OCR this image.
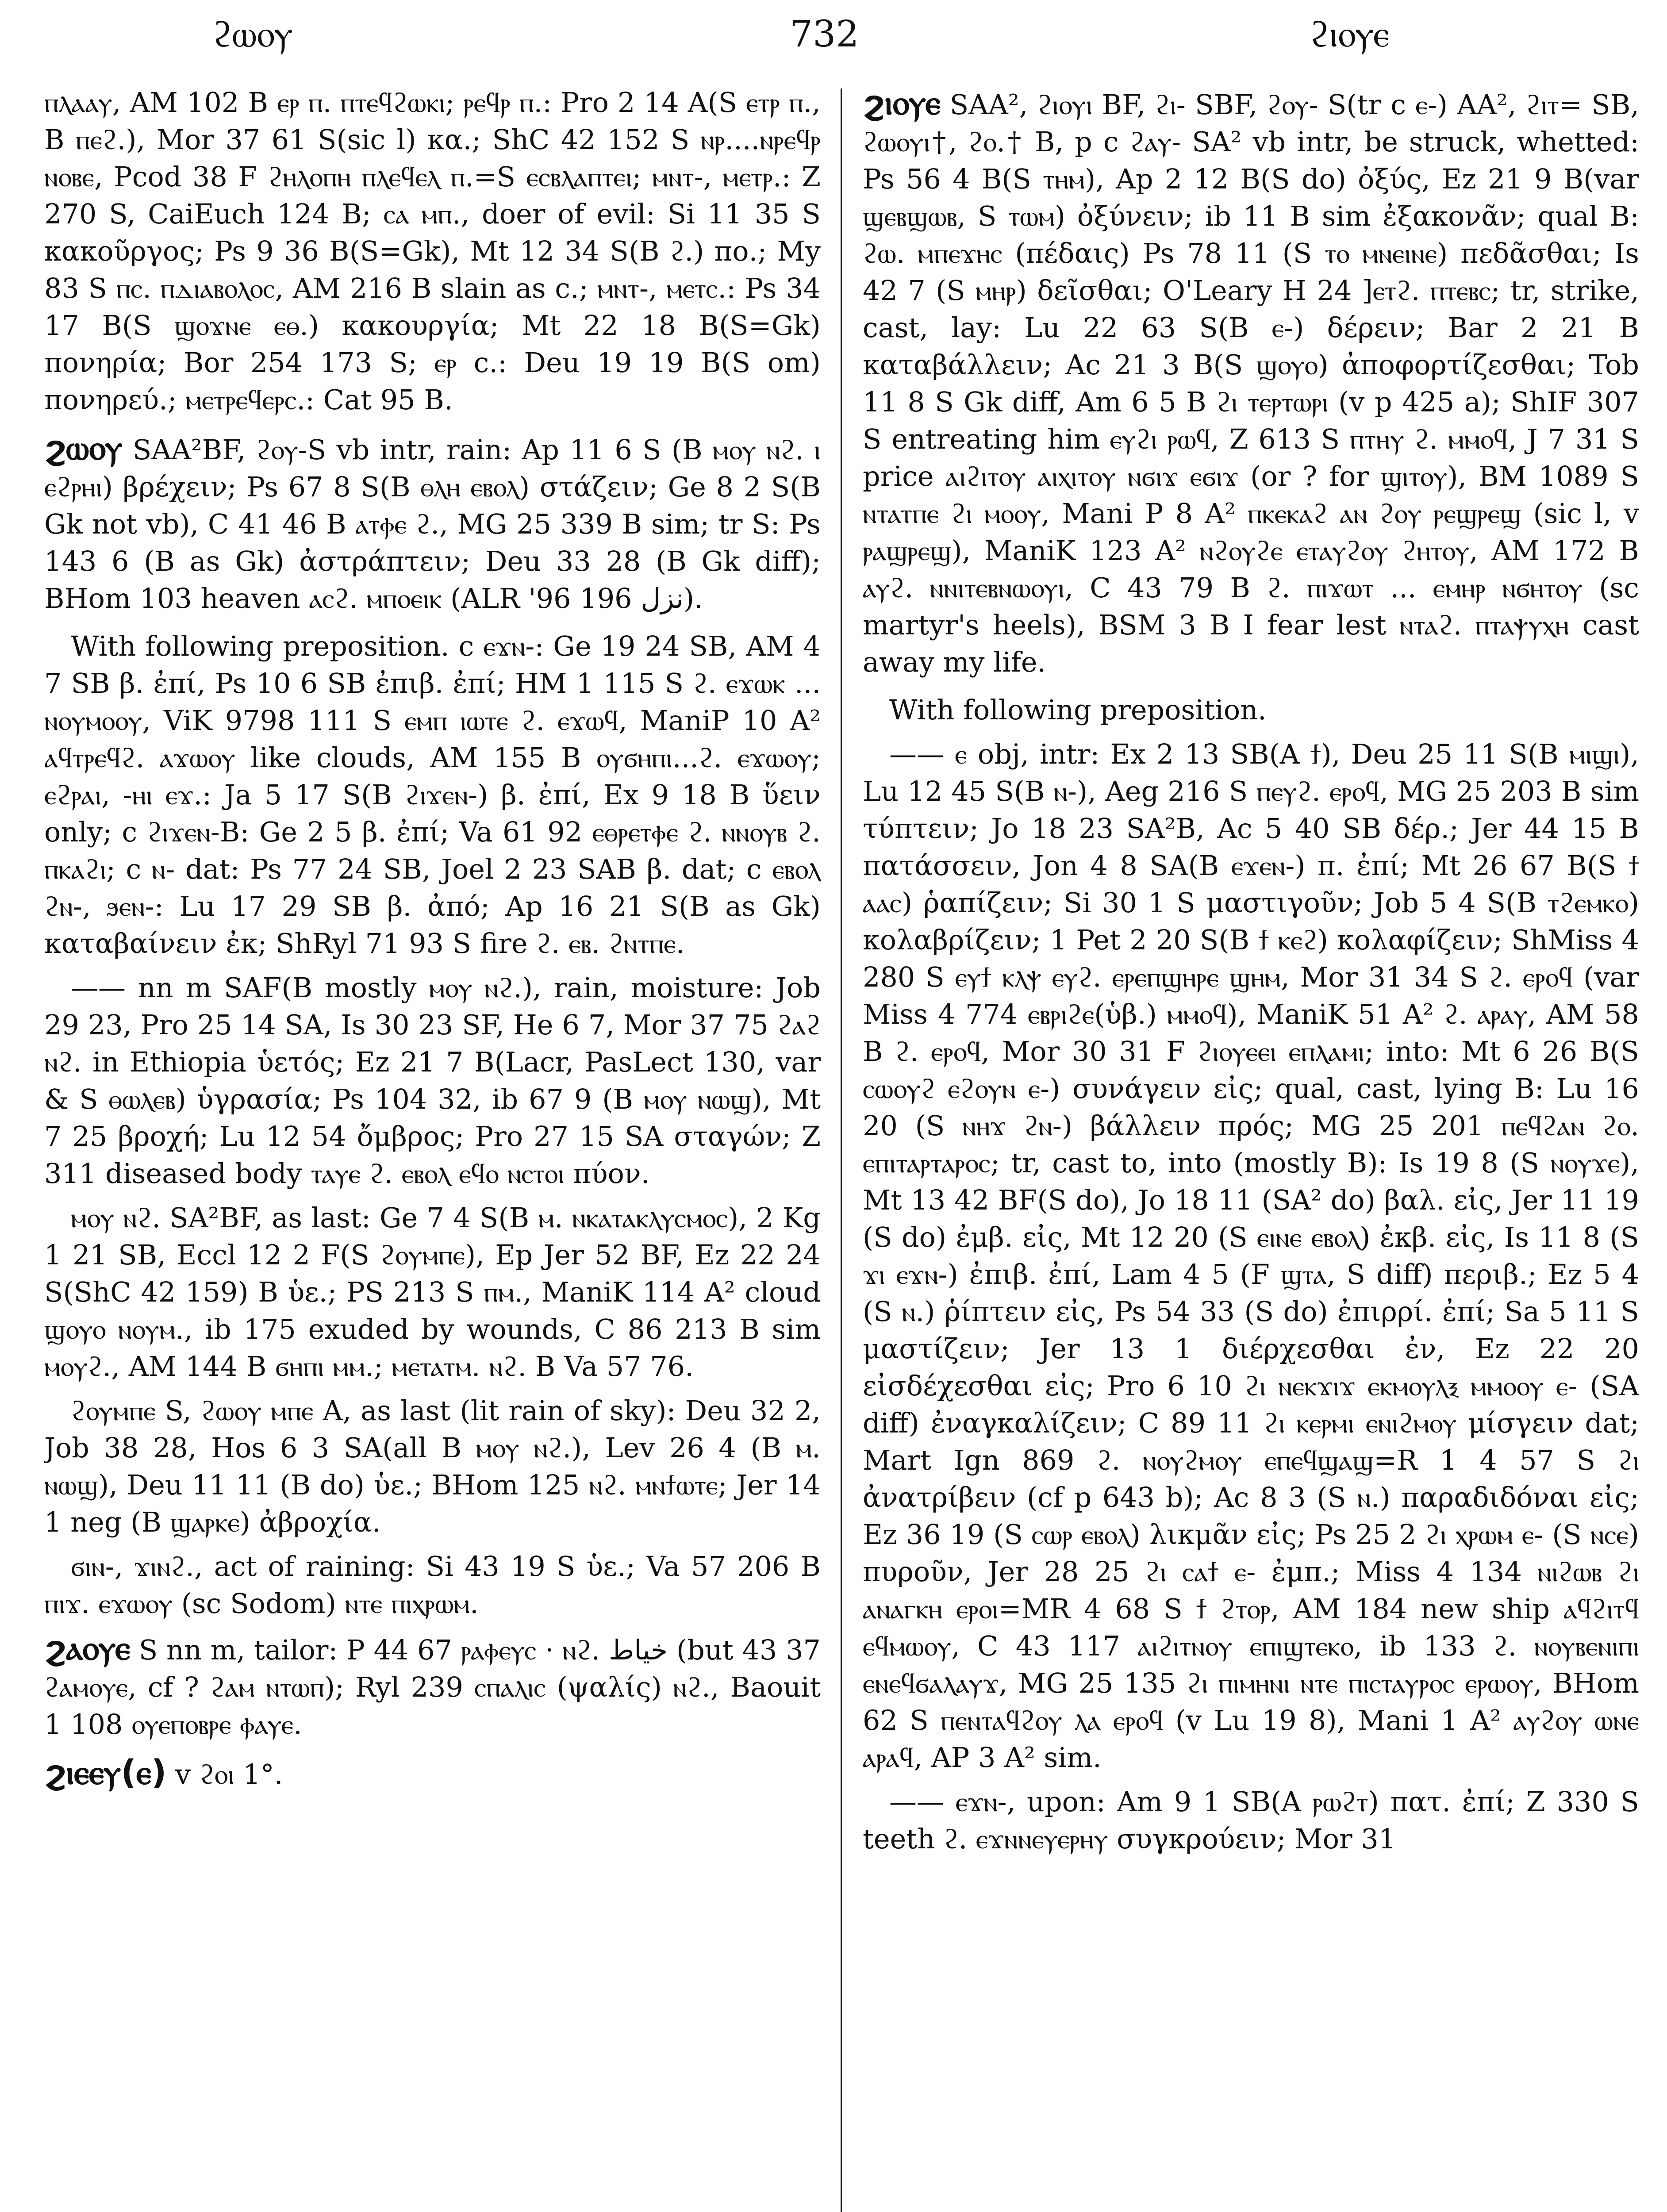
ϩⲱⲟⲩ	732	ϩⲓⲟⲩⲉ

ⲡⲗⲁⲁⲩ, AM 102 B ⲉⲣ ⲡ. ⲡⲧⲉϥϩⲱⲕⲓ; ⲣⲉϥⲣ ⲡ.: Pro 2 14 A(S ⲉⲧⲣ ⲡ., B ⲡⲉϩ.), Mor 37 61 S(sic l) κα.; ShC 42 152 S ⲛⲣ....ⲛⲣⲉϥⲣ ⲛⲟⲃⲉ, Pcod 38 F ϩⲏⲗⲟⲡⲏ ⲡⲗⲉϥⲉⲗ ⲡ.=S ⲉⲥⲃⲗⲁⲡⲧⲉⲓ; ⲙⲛⲧ-, ⲙⲉⲧⲣ.: Z 270 S, CaiEuch 124 B; ⲥⲁ ⲙⲡ., doer of evil: Si 11 35 S κακοῦργος; Ps 9 36 B(S=Gk), Mt 12 34 S(B ϩ.) πο.; My 83 S ⲡⲥ. ⲡⲇⲓⲁⲃⲟⲗⲟⲥ, AM 216 B slain as c.; ⲙⲛⲧ-, ⲙⲉⲧⲥ.: Ps 34 17 B(S ϣⲟϫⲛⲉ ⲉⲑ.) κακουργία; Mt 22 18 B(S=Gk) πονηρία; Bor 254 173 S; ⲉⲣ c.: Deu 19 19 B(S om) πονηρεύ.; ⲙⲉⲧⲣⲉϥⲉⲣⲥ.: Cat 95 B.

ϩⲱⲟⲩ SAA²BF, ϩⲟⲩ-S vb intr, rain: Ap 11 6 S (B ⲙⲟⲩ ⲛϩ. ⲓ ⲉϩⲣⲏⲓ) βρέχειν; Ps 67 8 S(B ⲑⲗⲏ ⲉⲃⲟⲗ) στάζειν; Ge 8 2 S(B Gk not vb), C 41 46 B ⲁⲧⲫⲉ ϩ., MG 25 339 B sim; tr S: Ps 143 6 (B as Gk) ἀστράπτειν; Deu 33 28 (B Gk diff); BHom 103 heaven ⲁⲥϩ. ⲙⲡⲟⲉⲓⲕ (ALR '96 196 ﻧﺰﻝ).

With following preposition. c ⲉϫⲛ-: Ge 19 24 SB, AM 4 7 SB β. ἐπί, Ps 10 6 SB ἐπιβ. ἐπί; HM 1 115 S ϩ. ⲉϫⲱⲕ ... ⲛⲟⲩⲙⲟⲟⲩ, ViK 9798 111 S ⲉⲙⲡ ⲓⲱⲧⲉ ϩ. ⲉϫⲱϥ, ManiP 10 A² ⲁϥⲧⲣⲉϥϩ. ⲁϫⲱⲟⲩ like clouds, AM 155 B ⲟⲩϭⲏⲡⲓ...ϩ. ⲉϫⲱⲟⲩ; ⲉϩⲣⲁⲓ, -ⲏⲓ ⲉϫ.: Ja 5 17 S(B ϩⲓϫⲉⲛ-) β. ἐπί, Ex 9 18 B ὕειν only; c ϩⲓϫⲉⲛ-B: Ge 2 5 β. ἐπί; Va 61 92 ⲉⲑⲣⲉⲧⲫⲉ ϩ. ⲛⲛⲟⲩⲃ ϩ. ⲡⲕⲁϩⲓ; c ⲛ- dat: Ps 77 24 SB, Joel 2 23 SAB β. dat; c ⲉⲃⲟⲗ ϩⲛ-, ϧⲉⲛ-: Lu 17 29 SB β. ἀπό; Ap 16 21 S(B as Gk) καταβαίνειν ἐκ; ShRyl 71 93 S fire ϩ. ⲉⲃ. ϩⲛⲧⲡⲉ.

—— nn m SAF(B mostly ⲙⲟⲩ ⲛϩ.), rain, moisture: Job 29 23, Pro 25 14 SA, Is 30 23 SF, He 6 7, Mor 37 75 ϩⲁϩ ⲛϩ. in Ethiopia ὑετός; Ez 21 7 B(Lacr, PasLect 130, var & S ⲑⲱⲗⲉⲃ) ὑγρασία; Ps 104 32, ib 67 9 (B ⲙⲟⲩ ⲛⲱϣ), Mt 7 25 βροχή; Lu 12 54 ὄμβρος; Pro 27 15 SA σταγών; Z 311 diseased body ⲧⲁⲩⲉ ϩ. ⲉⲃⲟⲗ ⲉϥⲟ ⲛⲥⲧⲟⲓ πύον.

ⲙⲟⲩ ⲛϩ. SA²BF, as last: Ge 7 4 S(B ⲙ. ⲛⲕⲁⲧⲁⲕⲗⲩⲥⲙⲟⲥ), 2 Kg 1 21 SB, Eccl 12 2 F(S ϩⲟⲩⲙⲡⲉ), Ep Jer 52 BF, Ez 22 24 S(ShC 42 159) B ὑε.; PS 213 S ⲡⲙ., ManiK 114 A² cloud ϣⲟⲩⲟ ⲛⲟⲩⲙ., ib 175 exuded by wounds, C 86 213 B sim ⲙⲟⲩϩ., AM 144 B ϭⲏⲡⲓ ⲙⲙ.; ⲙⲉⲧⲁⲧⲙ. ⲛϩ. B Va 57 76.

ϩⲟⲩⲙⲡⲉ S, ϩⲱⲟⲩ ⲙⲡⲉ A, as last (lit rain of sky): Deu 32 2, Job 38 28, Hos 6 3 SA(all B ⲙⲟⲩ ⲛϩ.), Lev 26 4 (B ⲙ. ⲛⲱϣ), Deu 11 11 (B do) ὑε.; BHom 125 ⲛϩ. ⲙⲛϯⲱⲧⲉ; Jer 14 1 neg (B ϣⲁⲣⲕⲉ) ἀβροχία.

ϭⲓⲛ-, ϫⲓⲛϩ., act of raining: Si 43 19 S ὑε.; Va 57 206 B ⲡⲓϫ. ⲉϫⲱⲟⲩ (sc Sodom) ⲛⲧⲉ ⲡⲓⲭⲣⲱⲙ.

ϩⲁⲟⲩⲉ S nn m, tailor: P 44 67 ⲣⲁⲫⲉⲩⲥ · ⲛϩ. ﺧﻴﺎﻁ (but 43 37 ϩⲁⲙⲟⲩⲉ, cf ? ϩⲁⲙ ⲛⲧⲱⲡ); Ryl 239 ⲥⲡⲁⲗⲓⲥ (ψαλίς) ⲛϩ., Baouit 1 108 ⲟⲩⲉⲡⲟⲃⲣⲉ ⲫⲁⲩⲉ.

ϩⲓⲉⲉⲩ(ⲉ) v ϩⲟⲓ 1°.

ϩⲓⲟⲩⲉ SAA², ϩⲓⲟⲩⲓ BF, ϩⲓ- SBF, ϩⲟⲩ- S(tr c ⲉ-) AA², ϩⲓⲧ= SB, ϩⲱⲟⲩⲓ†, ϩⲟ.† B, p c ϩⲁⲩ- SA² vb intr, be struck, whetted: Ps 56 4 B(S ⲧⲏⲙ), Ap 2 12 B(S do) ὀξύς, Ez 21 9 B(var ϣⲉⲃϣⲱⲃ, S ⲧⲱⲙ) ὀξύνειν; ib 11 B sim ἐξακονᾶν; qual B: ϩⲱ. ⲙⲡⲉϫⲏⲥ (πέδαις) Ps 78 11 (S ⲧⲟ ⲙⲛⲉⲓⲛⲉ) πεδᾶσθαι; Is 42 7 (S ⲙⲏⲣ) δεῖσθαι; O'Leary H 24 ]ⲉⲧϩ. ⲡⲧⲉⲃⲥ; tr, strike, cast, lay: Lu 22 63 S(B ⲉ-) δέρειν; Bar 2 21 B καταβάλλειν; Ac 21 3 B(S ϣⲟⲩⲟ) ἀποφορτίζεσθαι; Tob 11 8 S Gk diff, Am 6 5 B ϩⲓ ⲧⲉⲣⲧⲱⲣⲓ (v p 425 a); ShIF 307 S entreating him ⲉⲩϩⲓ ⲣⲱϥ, Z 613 S ⲡⲧⲏⲩ ϩ. ⲙⲙⲟϥ, J 7 31 S price ⲁⲓϩⲓⲧⲟⲩ ⲁⲓⲭⲓⲧⲟⲩ ⲛϭⲓϫ ⲉϭⲓϫ (or ? for ϣⲓⲧⲟⲩ), BM 1089 S ⲛⲧⲁⲧⲡⲉ ϩⲓ ⲙⲟⲟⲩ, Mani P 8 A² ⲡⲕⲉⲕⲁϩ ⲁⲛ ϩⲟⲩ ⲣⲉϣⲣⲉϣ (sic l, v ⲣⲁϣⲣⲉϣ), ManiK 123 A² ⲛϩⲟⲩϩⲉ ⲉⲧⲁⲩϩⲟⲩ ϩⲏⲧⲟⲩ, AM 172 B ⲁⲩϩ. ⲛⲛⲓⲧⲉⲃⲛⲱⲟⲩⲓ, C 43 79 B ϩ. ⲡⲓϫⲱⲧ ... ⲉⲙⲏⲣ ⲛϭⲏⲧⲟⲩ (sc martyr's heels), BSM 3 B I fear lest ⲛⲧⲁϩ. ⲡⲧⲁⲯⲩⲭⲏ cast away my life.

With following preposition.

—— ⲉ obj, intr: Ex 2 13 SB(A ϯ), Deu 25 11 S(B ⲙⲓϣⲓ), Lu 12 45 S(B ⲛ-), Aeg 216 S ⲡⲉⲩϩ. ⲉⲣⲟϥ, MG 25 203 B sim τύπτειν; Jo 18 23 SA²B, Ac 5 40 SB δέρ.; Jer 44 15 B πατάσσειν, Jon 4 8 SA(B ⲉϫⲉⲛ-) π. ἐπί; Mt 26 67 B(S ϯ ⲁⲁⲥ) ῥαπίζειν; Si 30 1 S μαστιγοῦν; Job 5 4 S(B ⲧϩⲉⲙⲕⲟ) κολαβρίζειν; 1 Pet 2 20 S(B ϯ ⲕⲉϩ) κολαφίζειν; ShMiss 4 280 S ⲉⲩϯ ⲕⲗⲯ ⲉⲩϩ. ⲉⲣⲉⲡϣⲏⲣⲉ ϣⲏⲙ, Mor 31 34 S ϩ. ⲉⲣⲟϥ (var Miss 4 774 ⲉⲃⲣⲓϩⲉ(ὑβ.) ⲙⲙⲟϥ), ManiK 51 A² ϩ. ⲁⲣⲁⲩ, AM 58 B ϩ. ⲉⲣⲟϥ, Mor 30 31 F ϩⲓⲟⲩⲉⲉⲓ ⲉⲡⲗⲁⲙⲓ; into: Mt 6 26 B(S ⲥⲱⲟⲩϩ ⲉϩⲟⲩⲛ ⲉ-) συνάγειν εἰς; qual, cast, lying B: Lu 16 20 (S ⲛⲏϫ ϩⲛ-) βάλλειν πρός; MG 25 201 ⲡⲉϥϩⲁⲛ ϩⲟ. ⲉⲡⲓⲧⲁⲣⲧⲁⲣⲟⲥ; tr, cast to, into (mostly B): Is 19 8 (S ⲛⲟⲩϫⲉ), Mt 13 42 BF(S do), Jo 18 11 (SA² do) βαλ. εἰς, Jer 11 19 (S do) ἐμβ. εἰς, Mt 12 20 (S ⲉⲓⲛⲉ ⲉⲃⲟⲗ) ἐκβ. εἰς, Is 11 8 (S ϫⲓ ⲉϫⲛ-) ἐπιβ. ἐπί, Lam 4 5 (F ϣⲧⲁ, S diff) περιβ.; Ez 5 4 (S ⲛ.) ῥίπτειν εἰς, Ps 54 33 (S do) ἐπιρρί. ἐπί; Sa 5 11 S μαστίζειν; Jer 13 1 διέρχεσθαι ἐν, Ez 22 20 εἰσδέχεσθαι εἰς; Pro 6 10 ϩⲓ ⲛⲉⲕϫⲓϫ ⲉⲕⲙⲟⲩⲗⲝ ⲙⲙⲟⲟⲩ ⲉ- (SA diff) ἐναγκαλίζειν; C 89 11 ϩⲓ ⲕⲉⲣⲙⲓ ⲉⲛⲓϩⲙⲟⲩ μίσγειν dat; Mart Ign 869 ϩ. ⲛⲟⲩϩⲙⲟⲩ ⲉⲡⲉϥϣⲁϣ=R 1 4 57 S ϩⲓ ἀνατρίβειν (cf p 643 b); Ac 8 3 (S ⲛ.) παραδιδόναι εἰς; Ez 36 19 (S ⲥⲱⲣ ⲉⲃⲟⲗ) λικμᾶν εἰς; Ps 25 2 ϩⲓ ⲭⲣⲱⲙ ⲉ- (S ⲛⲥⲉ) πυροῦν, Jer 28 25 ϩⲓ ⲥⲁϯ ⲉ- ἐμπ.; Miss 4 134 ⲛⲓϩⲱⲃ ϩⲓ ⲁⲛⲁⲅⲕⲏ ⲉⲣⲟⲓ=MR 4 68 S ϯ ϩⲧⲟⲣ, AM 184 new ship ⲁϥϩⲓⲧϥ ⲉϥⲙⲱⲟⲩ, C 43 117 ⲁⲓϩⲓⲧⲛⲟⲩ ⲉⲡⲓϣⲧⲉⲕⲟ, ib 133 ϩ. ⲛⲟⲩⲃⲉⲛⲓⲡⲓ ⲉⲛⲉϥϭⲁⲗⲁⲩϫ, MG 25 135 ϩⲓ ⲡⲓⲙⲏⲛⲓ ⲛⲧⲉ ⲡⲓⲥⲧⲁⲩⲣⲟⲥ ⲉⲣⲱⲟⲩ, BHom 62 S ⲡⲉⲛⲧⲁϥϩⲟⲩ ⲗⲁ ⲉⲣⲟϥ (v Lu 19 8), Mani 1 A² ⲁⲩϩⲟⲩ ⲱⲛⲉ ⲁⲣⲁϥ, AP 3 A² sim.

—— ⲉϫⲛ-, upon: Am 9 1 SB(A ⲣⲱϩⲧ) πατ. ἐπί; Z 330 S teeth ϩ. ⲉϫⲛⲛⲉⲩⲉⲣⲏⲩ συγκρούειν; Mor 31
